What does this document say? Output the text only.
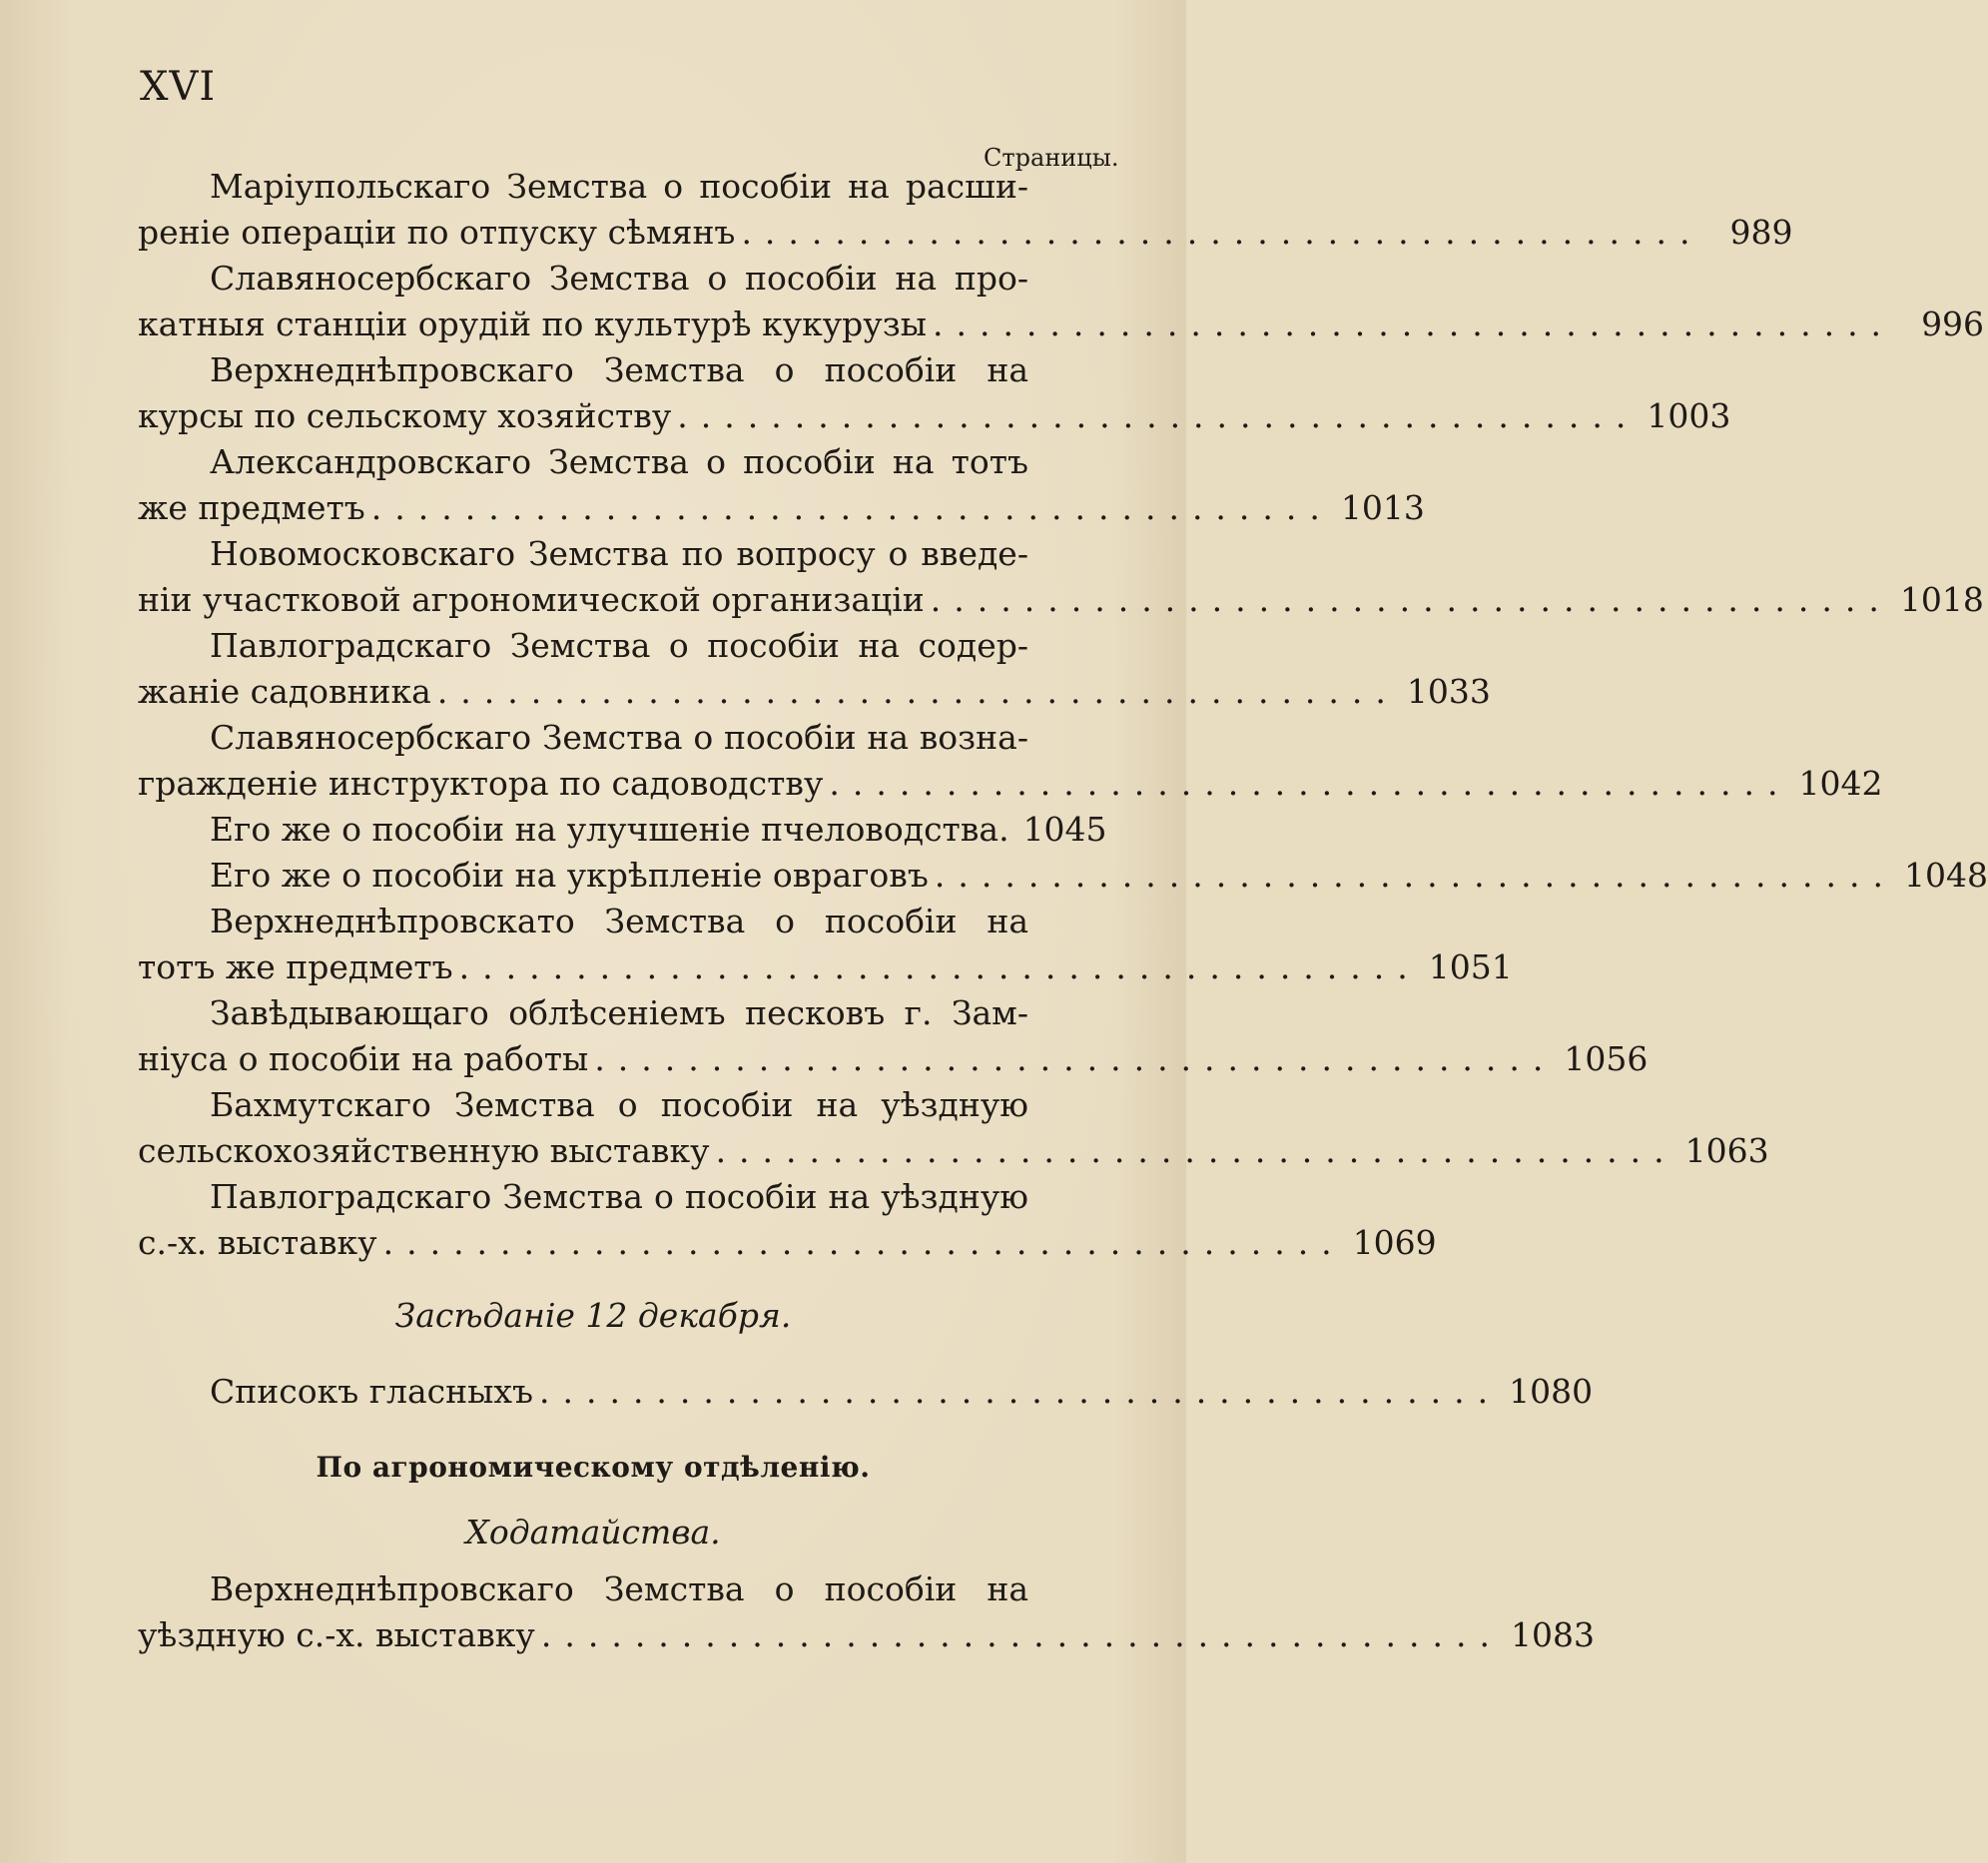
XVI
Страницы.
Маріупольскаго Земства о пособіи на расши-
реніе операціи по отпуску сѣмянъ ......................................... 989
Славяносербскаго Земства о пособіи на про-
катныя станціи орудій по культурѣ кукурузы ......................................... 996
Верхнеднѣпровскаго Земства о пособіи на
курсы по сельскому хозяйству ......................................... 1003
Александровскаго Земства о пособіи на тотъ
же предметъ ......................................... 1013
Новомосковскаго Земства по вопросу о введе-
ніи участковой агрономической организаціи ......................................... 1018
Павлоградскаго Земства о пособіи на содер-
жаніе садовника ......................................... 1033
Славяносербскаго Земства о пособіи на возна-
гражденіе инструктора по садоводству ......................................... 1042
Его же о пособіи на улучшеніе пчеловодства. 1045
Его же о пособіи на укрѣпленіе овраговъ ......................................... 1048
Верхнеднѣпровскато Земства о пособіи на
тотъ же предметъ ......................................... 1051
Завѣдывающаго облѣсеніемъ песковъ г. Зам-
ніуса о пособіи на работы ......................................... 1056
Бахмутскаго Земства о пособіи на уѣздную
сельскохозяйственную выставку ......................................... 1063
Павлоградскаго Земства о пособіи на уѣздную
с.-х. выставку ......................................... 1069
Засѣданіе 12 декабря.
Списокъ гласныхъ ......................................... 1080
По агрономическому отдѣленію.
Ходатайства.
Верхнеднѣпровскаго Земства о пособіи на
уѣздную с.-х. выставку ......................................... 1083
